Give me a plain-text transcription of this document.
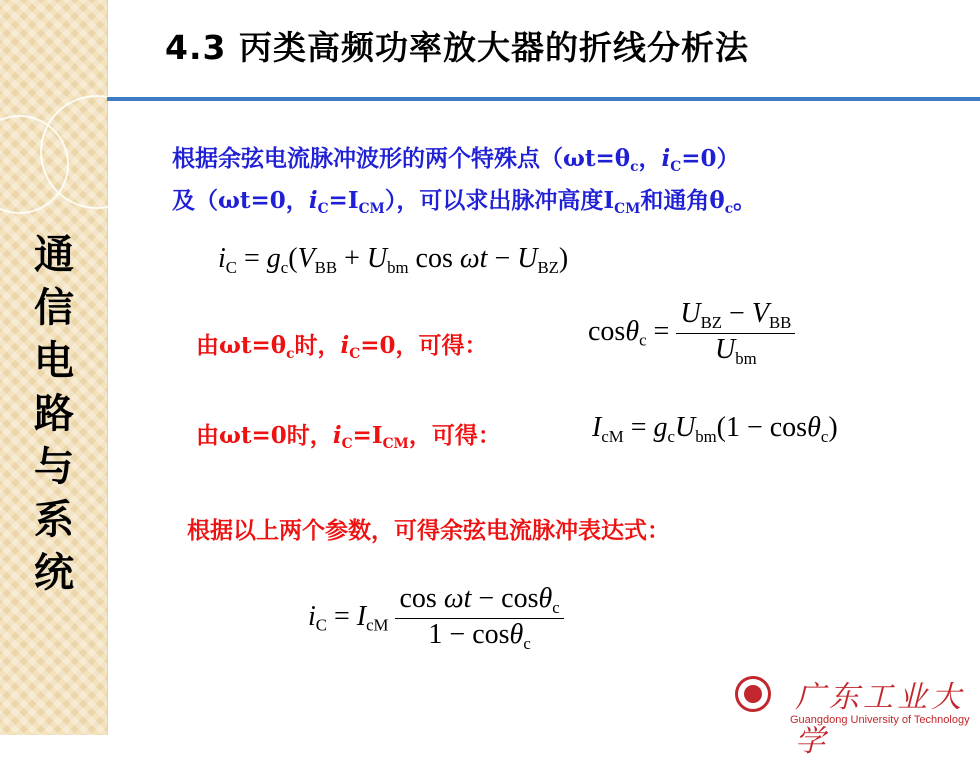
通
信
电
路
与
系
统
4.3 丙类高频功率放大器的折线分析法
根据余弦电流脉冲波形的两个特殊点（$\omega t=\theta_c$，$i_C=0$）
及（ωt=0，$i_C=I_{CM}$），可以求出脉冲高度$I_{CM}$和通角$\theta_c$。
$i_C = g_c(V_{BB} + U_{bm}$ $\cos \omega t - U_{BZ}$)
由$\omega t=\theta_c$时，$i_C=0$，可得：	$\cos\theta_c = \frac{U_{BZ} - V_{BB}}{U_{bm}}$
由ωt=0时，$i_C=I_{CM}$，可得：	$I_{cM} = g_cU_{bm}(1 - \cos\theta_c)$
根据以上两个参数，可得余弦电流脉冲表达式：
$i_C = I_{cM} \frac{\cos \omega t - \cos\theta_c}{1 - \cos\theta_c}$
广东工业大学
Guangdong University of Technology
